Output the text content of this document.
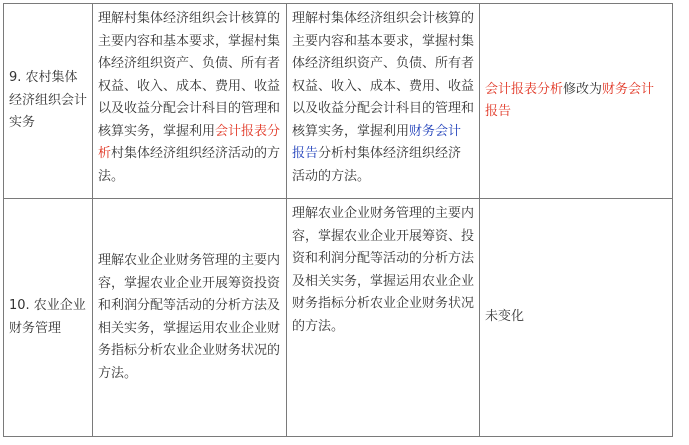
9. 农村集体经济组织会计实务	理解村集体经济组织会计核算的主要内容和基本要求，掌握村集体经济组织资产、负债、所有者权益、收入、成本、费用、收益以及收益分配会计科目的管理和核算实务，掌握利用会计报表分析村集体经济组织经济活动的方法。	理解村集体经济组织会计核算的主要内容和基本要求，掌握村集体经济组织资产、负债、所有者权益、收入、成本、费用、收益以及收益分配会计科目的管理和核算实务，掌握利用财务会计报告分析村集体经济组织经济活动的方法。	会计报表分析修改为财务会计报告
10. 农业企业财务管理	理解农业企业财务管理的主要内容，掌握农业企业开展筹资投资和利润分配等活动的分析方法及相关实务，掌握运用农业企业财务指标分析农业企业财务状况的方法。	理解农业企业财务管理的主要内容，掌握农业企业开展筹资、投资和利润分配等活动的分析方法及相关实务，掌握运用农业企业财务指标分析农业企业财务状况的方法。	未变化
